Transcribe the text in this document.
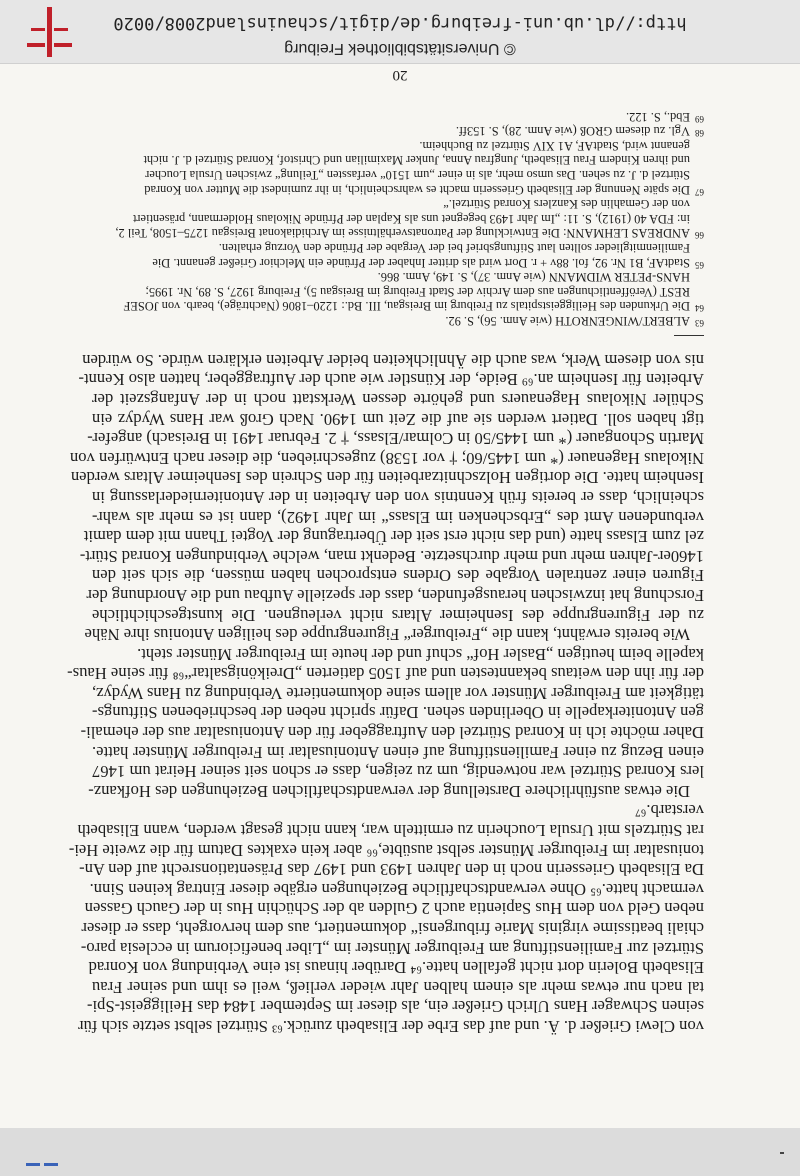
von Clewi Grießer d. Ä. und auf das Erbe der Elisabeth zurück.⁶³ Stürtzel selbst setzte sich für
seinen Schwager Hans Ulrich Grießer ein, als dieser im September 1484 das Heiliggeist-Spi-
tal nach nur etwas mehr als einem halben Jahr wieder verließ, weil es ihm und seiner Frau
Elisabeth Bolerin dort nicht gefallen hatte.⁶⁴ Darüber hinaus ist eine Verbindung von Konrad
Stürtzel zur Familienstiftung am Freiburger Münster im „Liber beneficiorum in ecclesia paro-
chiali beatissime virginis Marie friburgensi“ dokumentiert, aus dem hervorgeht, dass er dieser
neben Geld von dem Hus Sapientia auch 2 Gulden ab der Schüchin Hus in der Gauch Gassen
vermacht hatte.⁶⁵ Ohne verwandtschaftliche Beziehungen ergäbe dieser Eintrag keinen Sinn.
Da Elisabeth Griesserin noch in den Jahren 1493 und 1497 das Präsentationsrecht auf den An-
toniusaltar im Freiburger Münster selbst ausübte,⁶⁶ aber kein exaktes Datum für die zweite Hei-
rat Stürtzels mit Ursula Loucherin zu ermitteln war, kann nicht gesagt werden, wann Elisabeth
verstarb.⁶⁷
Die etwas ausführlichere Darstellung der verwandtschaftlichen Beziehungen des Hofkanz-
lers Konrad Stürtzel war notwendig, um zu zeigen, dass er schon seit seiner Heirat um 1467
einen Bezug zu einer Familienstiftung auf einen Antoniusaltar im Freiburger Münster hatte.
Daher möchte ich in Konrad Stürtzel den Auftraggeber für den Antoniusaltar aus der ehemali-
gen Antoniterkapelle in Oberlinden sehen. Dafür spricht neben der beschriebenen Stiftungs-
tätigkeit am Freiburger Münster vor allem seine dokumentierte Verbindung zu Hans Wydyz,
der für ihn den weitaus bekanntesten und auf 1505 datierten „Dreikönigsaltar“⁶⁸ für seine Haus-
kapelle beim heutigen „Basler Hof“ schuf und der heute im Freiburger Münster steht.
Wie bereits erwähnt, kann die „Freiburger“ Figurengruppe des heiligen Antonius ihre Nähe
zu der Figurengruppe des Isenheimer Altars nicht verleugnen. Die kunstgeschichtliche
Forschung hat inzwischen herausgefunden, dass der spezielle Aufbau und die Anordnung der
Figuren einer zentralen Vorgabe des Ordens entsprochen haben müssen, die sich seit den
1460er-Jahren mehr und mehr durchsetzte. Bedenkt man, welche Verbindungen Konrad Stürt-
zel zum Elsass hatte (und das nicht erst seit der Übertragung der Vogtei Thann mit dem damit
verbundenen Amt des „Erbschenken im Elsass“ im Jahr 1492), dann ist es mehr als wahr-
scheinlich, dass er bereits früh Kenntnis von den Arbeiten in der Antoniterniederlassung in
Isenheim hatte. Die dortigen Holzschnitzarbeiten für den Schrein des Isenheimer Altars werden
Nikolaus Hagenauer (* um 1445/60; † vor 1538) zugeschrieben, die dieser nach Entwürfen von
Martin Schongauer (* um 1445/50 in Colmar/Elsass, † 2. Februar 1491 in Breisach) angefer-
tigt haben soll. Datiert werden sie auf die Zeit um 1490. Nach Groß war Hans Wydyz ein
Schüler Nikolaus Hagenauers und gehörte dessen Werkstatt noch in der Anfangszeit der
Arbeiten für Isenheim an.⁶⁹ Beide, der Künstler wie auch der Auftraggeber, hatten also Kennt-
nis von diesem Werk, was auch die Ähnlichkeiten beider Arbeiten erklären würde. So würden
63
ALBERT/WINGENROTH (wie Anm. 56), S. 92.
64
Die Urkunden des Heiliggeistspitals zu Freiburg im Breisgau, III. Bd.: 1220–1806 (Nachträge), bearb. von JOSEF
REST (Veröffentlichungen aus dem Archiv der Stadt Freiburg im Breisgau 5), Freiburg 1927, S. 89, Nr. 1995;
HANS-PETER WIDMANN (wie Anm. 37), S. 149, Anm. 866.
65
StadtAF, B1 Nr. 92, fol. 88v + r. Dort wird als dritter Inhaber der Pfründe ein Melchior Grießer genannt. Die
Familienmitglieder sollten laut Stiftungsbrief bei der Vergabe der Pfründe den Vorzug erhalten.
66
ANDREAS LEHMANN: Die Entwicklung der Patronatsverhältnisse im Archidiakonat Breisgau 1275–1508, Teil 2,
in: FDA 40 (1912), S. 11: „Im Jahr 1493 begegnet uns als Kaplan der Pfründe Nikolaus Holdermann, präsentiert
von der Gemahlin des Kanzlers Konrad Stürtzel.“
67
Die späte Nennung der Elisabeth Griesserin macht es wahrscheinlich, in ihr zumindest die Mutter von Konrad
Stürtzel d. J. zu sehen. Das umso mehr, als in einer „um 1510“ verfassten „Teilung“ zwischen Ursula Loucher
und ihren Kindern Frau Elisabeth, Jungfrau Anna, Junker Maximilian und Christof, Konrad Stürtzel d. J. nicht
genannt wird, StadtAF, A1 XIV Stürtzel zu Buchheim.
68
Vgl. zu diesem GROß (wie Anm. 28), S. 153ff.
69
Ebd., S. 122.
20
© Universitätsbibliothek Freiburg
http://dl.ub.uni-freiburg.de/digit/schauinsland2008/0020
